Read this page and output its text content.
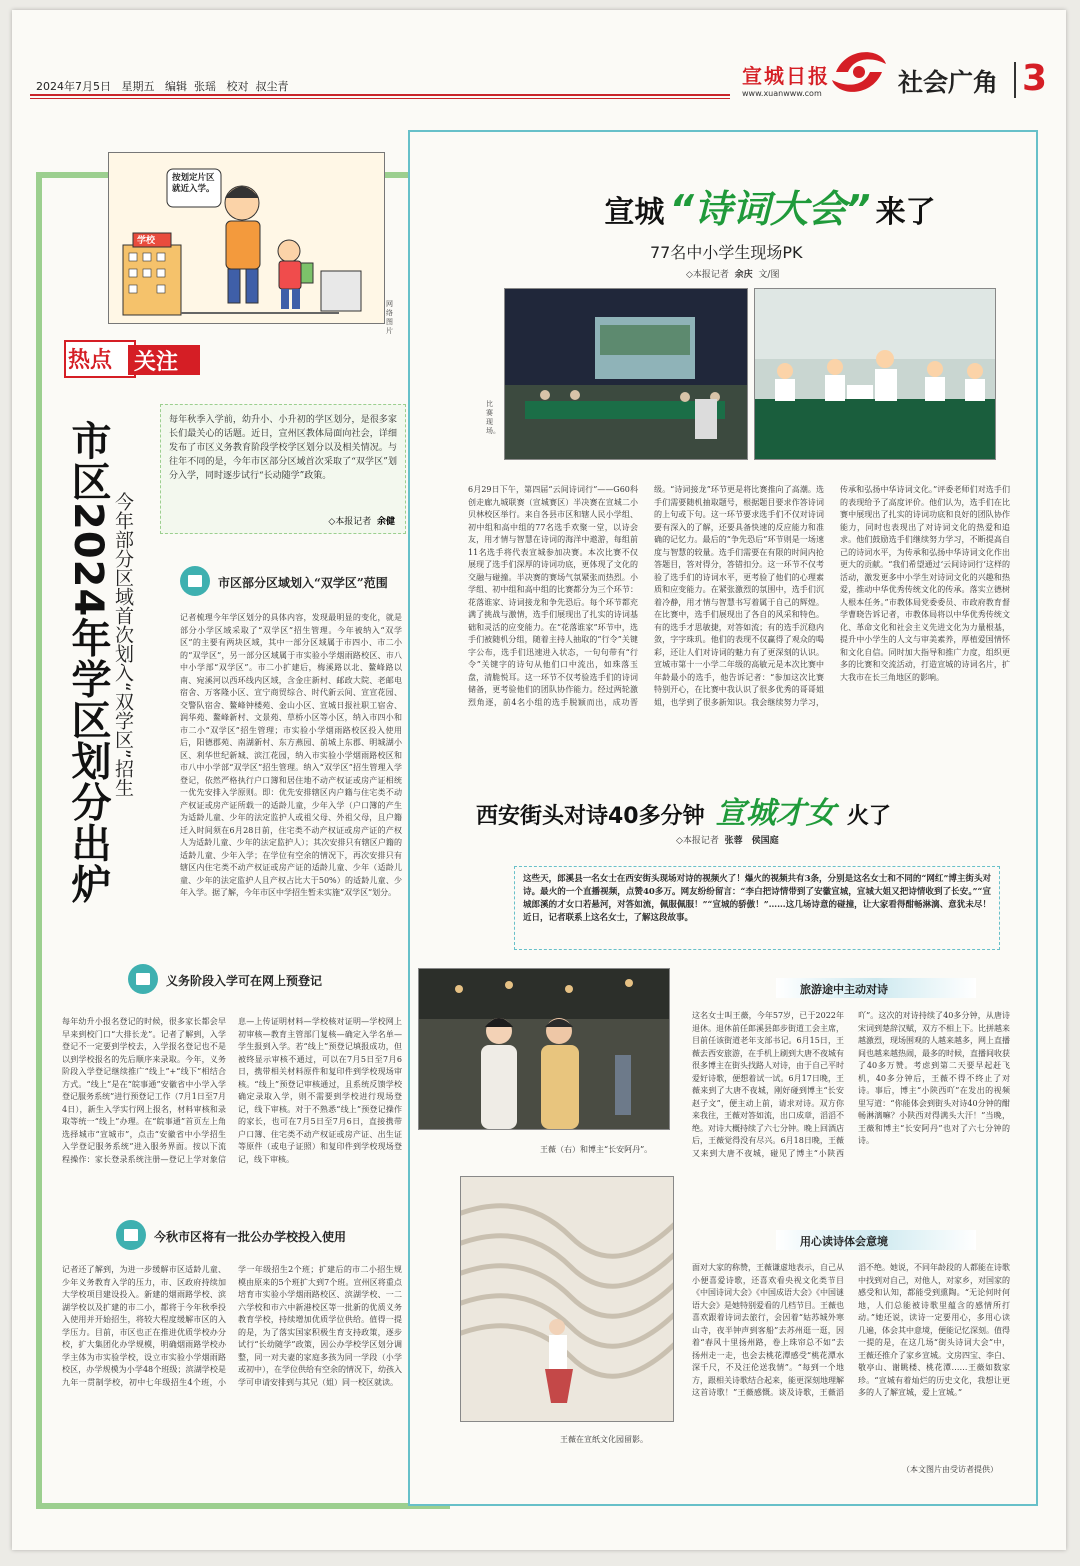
2024年7月5日 星期五 编辑 张瑶 校对 叔尘青	宣城日报
www.xuanwww.com	社会广角 3
按划定片区就近入学。
学校
网络图片
热点 关注
市区2024年学区划分出炉 今年部分区域首次划入“双学区”招生
每年秋季入学前，幼升小、小升初的学区划分，是很多家长们最关心的话题。近日，宣州区教体局面向社会，详细发布了市区义务教育阶段学校学区划分以及相关情况。与往年不同的是，今年市区部分区域首次采取了“双学区”划分入学，同时逐步试行“长动随学”政策。
◇本报记者 余健
市区部分区域划入“双学区”范围
记者梳理今年学区划分的具体内容，发现最明显的变化，就是部分小学区域采取了“双学区”招生管理。今年被纳入“双学区”的主要有两块区域，其中一部分区域属于市四小、市二小的“双学区”，另一部分区域属于市实验小学烟雨路校区、市八中小学部“双学区”。市二小扩建后，梅溪路以北、鳌峰路以南、宛溪河以西环线内区域，含金庄新村、邮政大院、老邮电宿舍、万客隆小区、宣宁商贸综合、时代新云间、宣宣花园、交警队宿舍、鳌峰钟楼苑、金山小区、宣城日报社职工宿舍、润华苑、鳌峰新村、文景苑、草桥小区等小区，纳入市四小和市二小“双学区”招生管理；市实验小学烟雨路校区投入使用后，阳德郡苑、南湖新村、东方燕园、前城上东郡、明城湖小区、利华世纪新城、滨江花园，纳入市实验小学烟雨路校区和市八中小学部“双学区”招生管理。纳入“双学区”招生管理入学登记，依然严格执行户口簿和居住地不动产权证或房产证相统一优先安排入学原则。即：优先安排辖区内户籍与住宅类不动产权证或房产证所载一的适龄儿童，少年入学（户口簿的产生为适龄儿童、少年的法定监护人或祖父母、外祖父母，且户籍迁入时间须在6月28日前，住宅类不动产权证或房产证的产权人为适龄儿童、少年的法定监护人）；其次安排只有辖区户籍的适龄儿童、少年入学；在学位有空余的情况下，再次安排只有辖区内住宅类不动产权证或房产证的适龄儿童、少年（适龄儿童、少年的法定监护人且产权占比大于50%）的适龄儿童、少年入学。据了解，今年市区中学招生暂未实施“双学区”划分。
义务阶段入学可在网上预登记
每年幼升小报名登记的时候，很多家长都会早早来到校门口“大排长龙”。记者了解到，入学登记不一定要到学校去，入学报名登记也不是以到学校报名的先后顺序来录取。今年，义务阶段入学登记继续推广“线上”+“线下”相结合方式。“线上”是在“皖事通”安徽省中小学入学登记服务系统”进行预登记工作（7月1日至7月4日），新生入学实行网上报名，材料审核和录取等统一“线上”办理。在“皖事通”首页左上角选择城市“宣城市”，点击“安徽省中小学招生入学登记服务系统”进入服务界面。按以下流程操作：家长登录系统注册—登记上学对象信息—上传证明材料—学校核对证明—学校网上初审核—教育主管部门复核—确定入学名单—学生报到入学。若“线上”预登记填报成功，但被终显示审核不通过，可以在7月5日至7月6日，携带相关材料原件和复印件到学校现场审核。“线上”预登记审核通过，且系统反馈学校确定录取入学，则不需要到学校进行现场登记，线下审核。对于不熟悉“线上”预登记操作的家长，也可在7月5日至7月6日，直接携带户口簿、住宅类不动产权证或房产证、出生证等原件（或电子证照）和复印件到学校现场登记，线下审核。
今秋市区将有一批公办学校投入使用
记者还了解到，为进一步缓解市区适龄儿童、少年义务教育入学的压力，市、区政府持续加大学校项目建设投入。新建的烟雨路学校、滨湖学校以及扩建的市二小，都将于今年秋季投入使用并开始招生，将较大程度缓解市区的入学压力。目前，市区也正在推进优质学校办分校，扩大集团化办学规模，明确烟雨路学校办学主体为市实验学校，设立市实验小学烟雨路校区，办学规模为小学48个班级；滨湖学校是九年一贯制学校，初中七年级招生4个班，小学一年级招生2个班；扩建后的市二小招生规模由原来的5个班扩大到7个班。宣州区将重点培育市实验小学烟雨路校区、滨湖学校、一二六学校和市六中新港校区等一批新的优质义务教育学校，持续增加优质学位供给。值得一提的是，为了落实国家积极生育支持政策，逐步试行“长幼随学”政策，因公办学校学区划分调整，同一对夫妻的家庭多孩为同一学段（小学或初中），在学位供给有空余的情况下，幼孩入学可申请安排到与其兄（姐）同一校区就读。
宣城 “诗词大会” 来了
77名中小学生现场PK
◇本报记者 余庆 文/图
比赛现场。
6月29日下午，第四届“云间诗词行”——G60科创走廊九城联赛（宣城赛区）半决赛在宣城二小贝林校区举行。来自各县市区和辖人民小学组、初中组和高中组的77名选手欢聚一堂，以诗会友，用才情与智慧在诗词的海洋中遨游，每组前11名选手将代表宣城参加决赛。本次比赛不仅展现了选手们深厚的诗词功底，更体现了文化的交融与碰撞。半决赛的赛场气氛紧张而热烈。小学组、初中组和高中组的比赛都分为三个环节：花落谁家、诗词接龙和争先恐后。每个环节都充满了挑战与激情，选手们展现出了扎实的诗词基础和灵活的应变能力。在“花落谁家”环节中，选手们被随机分组，随着主持人抽取的“行令”关键字公布，选手们迅速进入状态，一句句带有“行令”关键字的诗句从他们口中流出，如珠落玉盘，清脆悦耳。这一环节不仅考验选手们的诗词储备，更考验他们的团队协作能力。经过两轮激烈角逐，前4名小组的选手脱颖而出，成功晋级。“诗词接龙”环节更是将比赛推向了高潮。选手们需要随机抽取题号，根据题目要求作答诗词的上句或下句。这一环节要求选手们不仅对诗词要有深入的了解，还要具备快速的反应能力和准确的记忆力。最后的“争先恐后”环节则是一场速度与智慧的较量。选手们需要在有限的时间内抢答题目，答对得分，答错扣分。这一环节不仅考验了选手们的诗词水平，更考验了他们的心理素质和应变能力。在紧张激烈的氛围中，选手们沉着冷静，用才情与智慧书写着属于自己的辉煌。在比赛中，选手们展现出了各自的风采和特色。有的选手才思敏捷，对答如流；有的选手沉稳内敛，字字珠玑。他们的表现不仅赢得了观众的喝彩，还让人们对诗词的魅力有了更深刻的认识。宣城市第十一小学二年级的高敏元是本次比赛中年龄最小的选手，他告诉记者：“参加这次比赛特别开心，在比赛中我认识了很多优秀的哥哥姐姐，也学到了很多新知识。我会继续努力学习，传承和弘扬中华诗词文化。”评委老师们对选手们的表现给予了高度评价。他们认为，选手们在比赛中展现出了扎实的诗词功底和良好的团队协作能力，同时也表现出了对诗词文化的热爱和追求。他们鼓励选手们继续努力学习，不断提高自己的诗词水平，为传承和弘扬中华诗词文化作出更大的贡献。“我们希望通过‘云间诗词行’这样的活动，激发更多中小学生对诗词文化的兴趣和热爱，推动中华优秀传统文化的传承。落实立德树人根本任务。”市教体局党委委员、市政府教育督学曹晓告诉记者，市教体局将以中华优秀传统文化、革命文化和社会主义先进文化为力量根基，提升中小学生的人文与审美素养，厚植爱国情怀和文化自信。同时加大指导和推广力度，组织更多的比赛和交流活动，打造宣城的诗词名片，扩大我市在长三角地区的影响。
西安街头对诗40多分钟 宣城才女 火了
◇本报记者 张蓉　侯国庭
这些天，郎溪县一名女士在西安街头现场对诗的视频火了！爆火的视频共有3条，分别是这名女士和不同的“网红”博主街头对诗。最火的一个直播视频，点赞40多万。网友纷纷留言：“李白把诗情带到了安徽宣城，宣城大姐又把诗情收到了长安。”“宣城郎溪的才女口若悬河，对答如流，佩服佩服！”“宣城的骄傲！”……这几场诗意的碰撞，让大家看得酣畅淋漓、意犹未尽！近日，记者联系上这名女士，了解这段故事。
王薇（右）和博主“长安阿丹”。
王薇在宣纸文化园留影。
旅游途中主动对诗
这名女士叫王薇，今年57岁，已于2022年退休。退休前任郎溪县郎步街道工会主席，目前任该街道老年支部书记。6月15日，王薇去西安旅游，在手机上刷到大唐不夜城有很多博主在街头找路人对诗，由于自己平时爱好诗歌，便想着试一试。6月17日晚，王薇来到了大唐不夜城，刚好碰到博主“长安赵子文”，便主动上前，请求对诗。双方你来我往，王薇对答如流，出口成章，滔滔不绝。对诗大概持续了六七分钟。晚上回酒店后，王薇觉得没有尽兴。6月18日晚，王薇又来到大唐不夜城，碰见了博主“小陕西吖”。这次的对诗持续了40多分钟，从唐诗宋词到楚辞汉赋，双方不相上下。比拼越来越激烈，现场围观的人越来越多，网上直播间也越来越热闹，最多的时候，直播间收获了40多万赞。考虑到第二天要早起赶飞机，40多分钟后，王薇不得不终止了对诗。事后，博主“小陕西吖”在发出的视频里写道：“你能体会到街头对诗40分钟的酣畅淋漓嘛？小陕西对得满头大汗！”当晚，王薇和博主“长安阿丹”也对了六七分钟的诗。
用心读诗体会意境
面对大家的称赞，王薇谦虚地表示，自己从小便喜爱诗歌，还喜欢看央视文化类节目《中国诗词大会》《中国成语大会》《中国谜语大会》是她特别爱看的几档节目。王薇也喜欢跟着诗词去旅行，会因着“姑苏城外寒山寺，夜半钟声到客船”去苏州逛一逛，因着“春风十里扬州路，卷上珠帘总不如”去扬州走一走，也会去桃花潭感受“桃花潭水深千尺，不及汪伦送我情”。“每到一个地方，跟相关诗歌结合起来，能更深刻地理解这首诗歌！”王薇感慨。谈及诗歌，王薇滔滔不绝。她说，不同年龄段的人都能在诗歌中找到对自己，对他人，对家乡，对国家的感受和认知，都能受到熏陶。“无论何时何地，人们总能被诗歌里蕴含的感情所打动。”她还说，读诗一定要用心，多用心读几遍，体会其中意境，便能记忆深刻。值得一提的是，在这几场“街头诗词大会”中，王薇还推介了家乡宣城。文房四宝、李白、敬亭山、谢眺楼、桃花潭……王薇如数家珍。“宣城有着灿烂的历史文化，我想让更多的人了解宣城，爱上宣城。”
（本文图片由受访者提供）
